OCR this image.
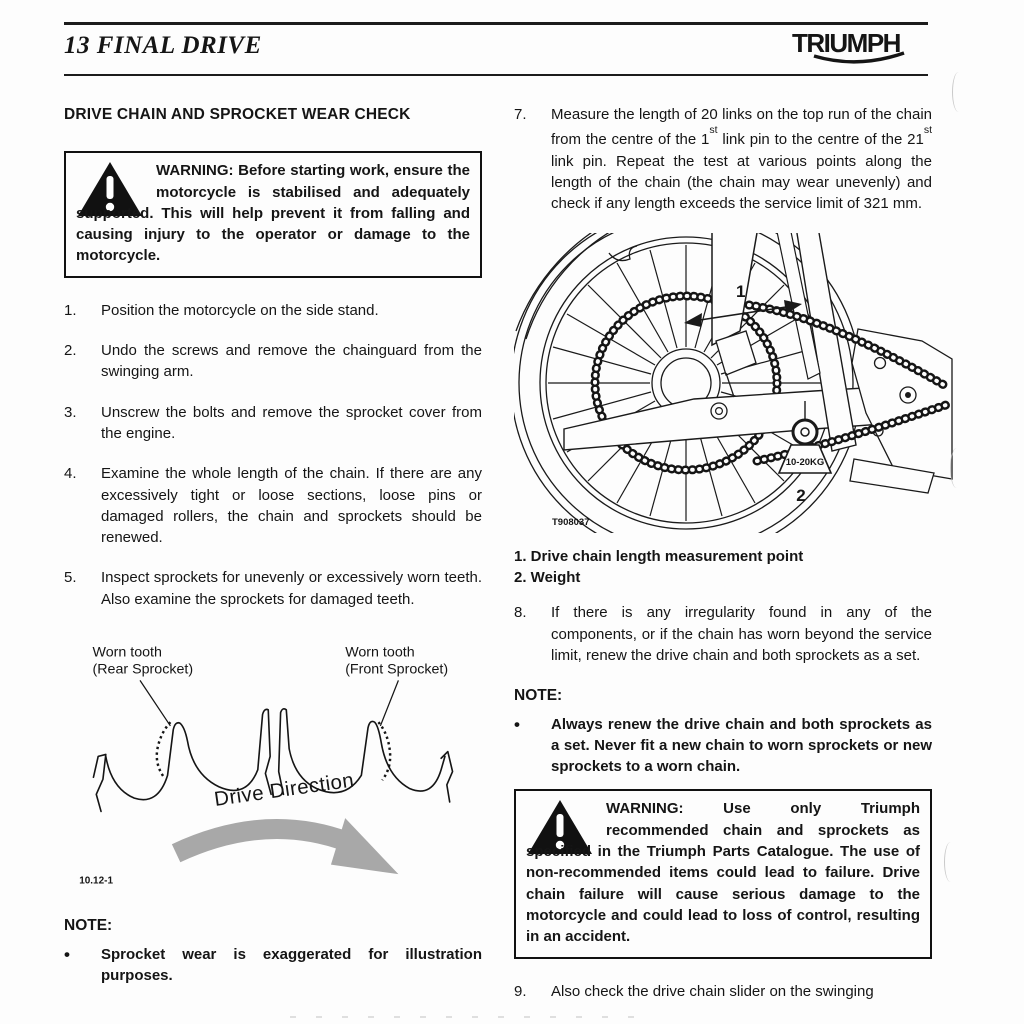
13 FINAL DRIVE	TRIUMPH
DRIVE CHAIN AND SPROCKET WEAR CHECK
WARNING: Before starting work, ensure the motorcycle is stabilised and adequately supported. This will help prevent it from falling and causing injury to the operator or damage to the motorcycle.
1.	Position the motorcycle on the side stand.
2.	Undo the screws and remove the chainguard from the swinging arm.
3.	Unscrew the bolts and remove the sprocket cover from the engine.
4.	Examine the whole length of the chain. If there are any excessively tight or loose sections, loose pins or damaged rollers, the chain and sprockets should be renewed.
5.	Inspect sprockets for unevenly or excessively worn teeth. Also examine the sprockets for damaged teeth.
Worn tooth
(Rear Sprocket)
Worn tooth
(Front Sprocket)
Drive Direction
10.12-1
NOTE:
•	Sprocket wear is exaggerated for illustration purposes.
7.	Measure the length of 20 links on the top run of the chain from the centre of the 1st link pin to the centre of the 21st link pin. Repeat the test at various points along the length of the chain (the chain may wear unevenly) and check if any length exceeds the service limit of 321 mm.
10-20KG
1
2
T908037
1. Drive chain length measurement point
2. Weight
8.	If there is any irregularity found in any of the components, or if the chain has worn beyond the service limit, renew the drive chain and both sprockets as a set.
NOTE:
•	Always renew the drive chain and both sprockets as a set. Never fit a new chain to worn sprockets or new sprockets to a worn chain.
WARNING: Use only Triumph recommended chain and sprockets as specified in the Triumph Parts Catalogue. The use of non-recommended items could lead to failure. Drive chain failure will cause serious damage to the motorcycle and could lead to loss of control, resulting in an accident.
9.	Also check the drive chain slider on the swinging
